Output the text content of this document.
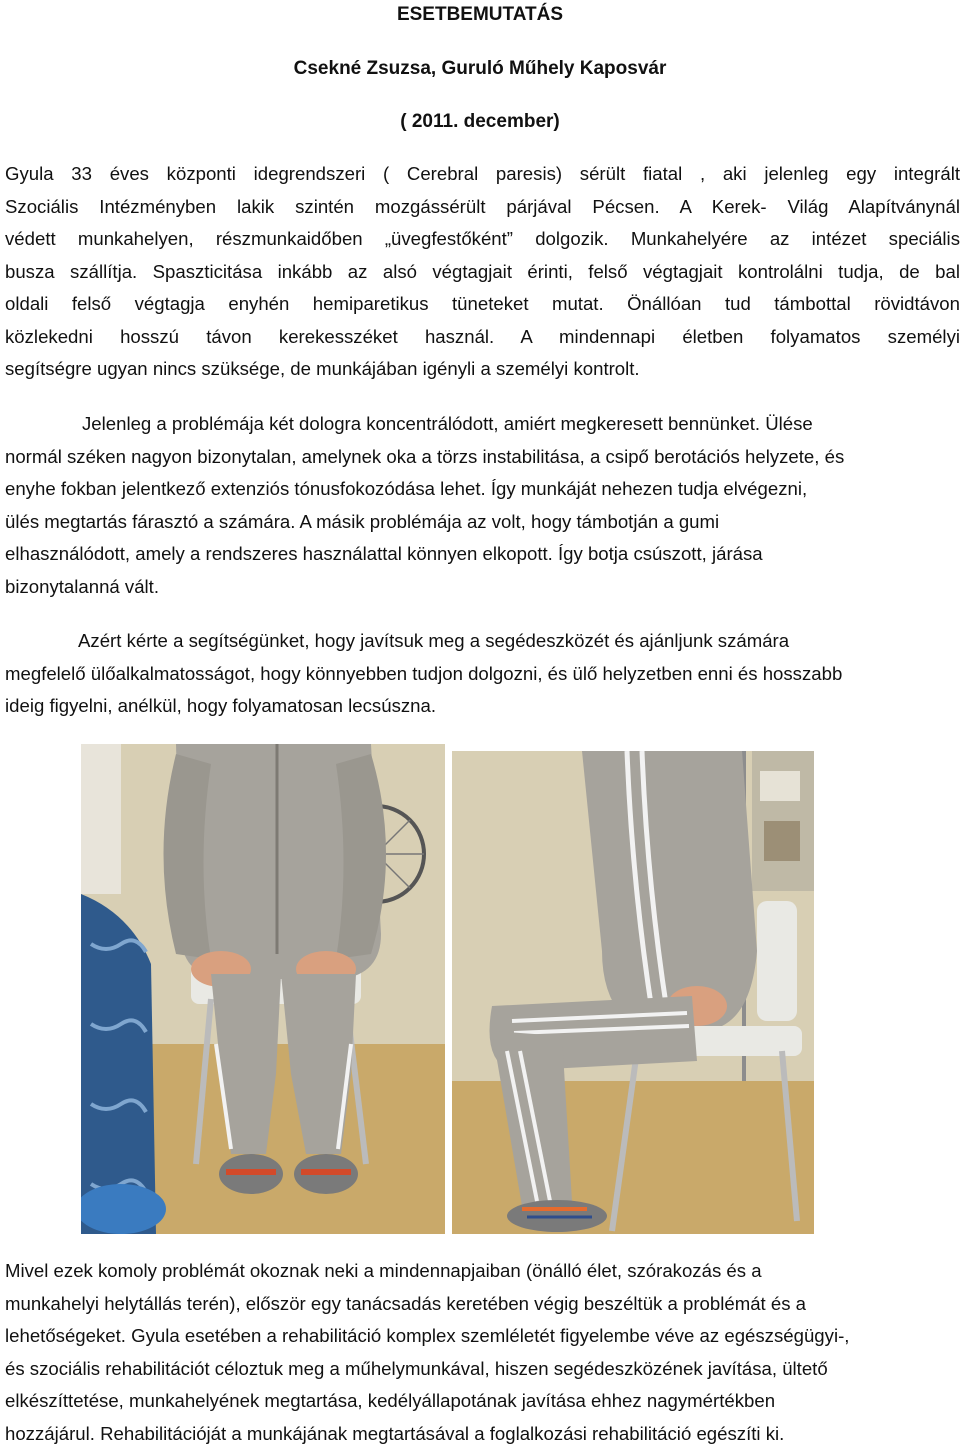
ESETBEMUTATÁS
Csekné Zsuzsa, Guruló Műhely Kaposvár
( 2011. december)
Gyula 33 éves központi idegrendszeri ( Cerebral paresis) sérült fiatal , aki jelenleg egy integrált
Szociális Intézményben lakik szintén mozgássérült párjával Pécsen. A Kerek- Világ Alapítványnál
védett munkahelyen, részmunkaidőben „üvegfestőként” dolgozik. Munkahelyére az intézet speciális
busza szállítja. Spaszticitása inkább az alsó végtagjait érinti, felső végtagjait kontrolálni tudja, de bal
oldali felső végtagja enyhén hemiparetikus tüneteket mutat. Önállóan tud támbottal rövidtávon
közlekedni hosszú távon kerekesszéket használ. A mindennapi életben folyamatos személyi
segítségre ugyan nincs szüksége, de munkájában igényli a személyi kontrolt.
Jelenleg a problémája két dologra koncentrálódott, amiért megkeresett bennünket. Ülése
normál széken nagyon bizonytalan, amelynek oka a törzs instabilitása, a csipő berotációs helyzete, és
enyhe fokban jelentkező extenziós tónusfokozódása lehet. Így munkáját nehezen tudja elvégezni,
ülés megtartás fárasztó a számára. A másik problémája az volt, hogy támbotján a gumi
elhasználódott, amely a rendszeres használattal könnyen elkopott. Így botja csúszott, járása
bizonytalanná vált.
Azért kérte a segítségünket, hogy javítsuk meg a segédeszközét és ajánljunk számára
megfelelő ülőalkalmatosságot, hogy könnyebben tudjon dolgozni, és ülő helyzetben enni és hosszabb
ideig figyelni, anélkül, hogy folyamatosan lecsúszna.
Mivel ezek komoly problémát okoznak neki a mindennapjaiban (önálló élet, szórakozás és a
munkahelyi helytállás terén), először egy tanácsadás keretében végig beszéltük a problémát és a
lehetőségeket. Gyula esetében a rehabilitáció komplex szemléletét figyelembe véve az egészségügyi-,
és szociális rehabilitációt céloztuk meg a műhelymunkával, hiszen segédeszközének javítása, ültető
elkészíttetése, munkahelyének megtartása, kedélyállapotának javítása ehhez nagymértékben
hozzájárul. Rehabilitációját a munkájának megtartásával a foglalkozási rehabilitáció egészíti ki.
